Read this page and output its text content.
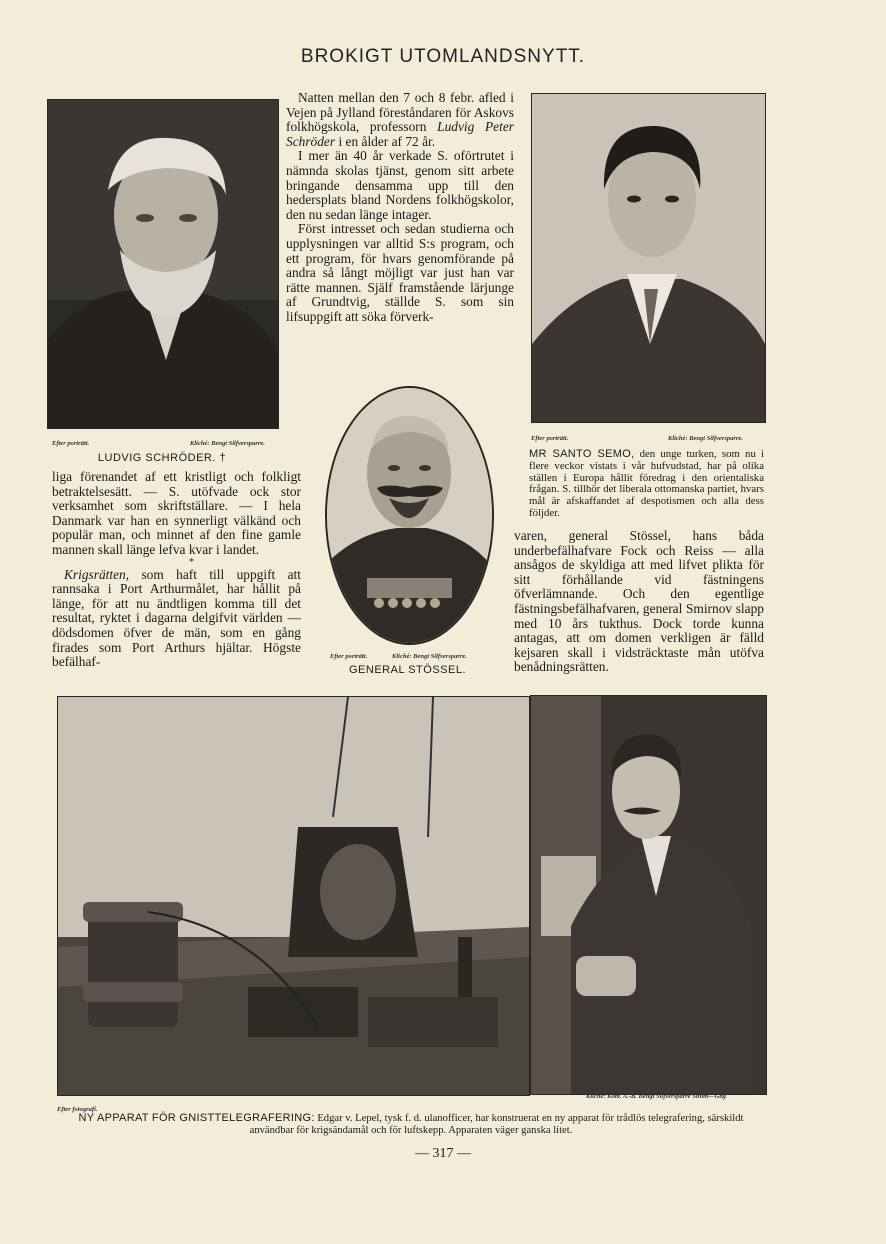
BROKIGT UTOMLANDSNYTT.
Efter porträtt.	Kliché: Bengt Silfversparre.
LUDVIG SCHRÖDER. †

Natten mellan den 7 och 8 febr. afled i Vejen på Jylland föreståndaren för Askovs folkhögskola, professorn Ludvig Peter Schröder i en ålder af 72 år.

I mer än 40 år verkade S. oförtrutet i nämnda skolas tjänst, genom sitt arbete bringande densamma upp till den hedersplats bland Nordens folkhögskolor, den nu sedan länge intager.

Först intresset och sedan studierna och upplysningen var alltid S:s program, och ett program, för hvars genomförande på andra så långt möjligt var just han var rätte mannen. Själf framstående lärjunge af Grundtvig, ställde S. som sin lifsuppgift att söka förverk-

Efter porträtt.	Kliché: Bengt Silfversparre.
MR SANTO SEMO, den unge turken, som nu i flere veckor vistats i vår hufvudstad, har på olika ställen i Europa hållit föredrag i den orientaliska frågan. S. tillhör det liberala ottomanska partiet, hvars mål är afskaffandet af despotismen och alla dess följder.
Efter porträtt.	Kliché: Bengt Silfversparre.
GENERAL STÖSSEL.

liga förenandet af ett kristligt och folkligt betraktelsesätt. — S. utöfvade ock stor verksamhet som skriftställare. — I hela Danmark var han en synnerligt välkänd och populär man, och minnet af den fine gamle mannen skall länge lefva kvar i landet.

*

Krigsrätten, som haft till uppgift att rannsaka i Port Arthurmålet, har hållit på länge, för att nu ändtligen komma till det resultat, ryktet i dagarna delgifvit världen — dödsdomen öfver de män, som en gång firades som Port Arthurs hjältar. Högste befälhaf-

varen, general Stössel, hans båda underbefälhafvare Fock och Reiss — alla ansågos de skyldiga att med lifvet plikta för sitt förhållande vid fästningens öfverlämnande. Och den egentlige fästningsbefälhafvaren, general Smirnov slapp med 10 års tukthus. Dock torde kunna antagas, att om domen verkligen är fälld kejsaren skall i vidsträcktaste mån utöfva benådningsrätten.

Efter fotografi.
Kliché: Kom. A.-B. Bengt Silfversparre Sthlm—Gbg
NY APPARAT FÖR GNISTTELEGRAFERING: Edgar v. Lepel, tysk f. d. ulanofficer, har konstruerat en ny apparat för trådlös telegrafering, särskildt användbar för krigsändamål och för luftskepp. Apparaten väger ganska litet.
— 317 —
